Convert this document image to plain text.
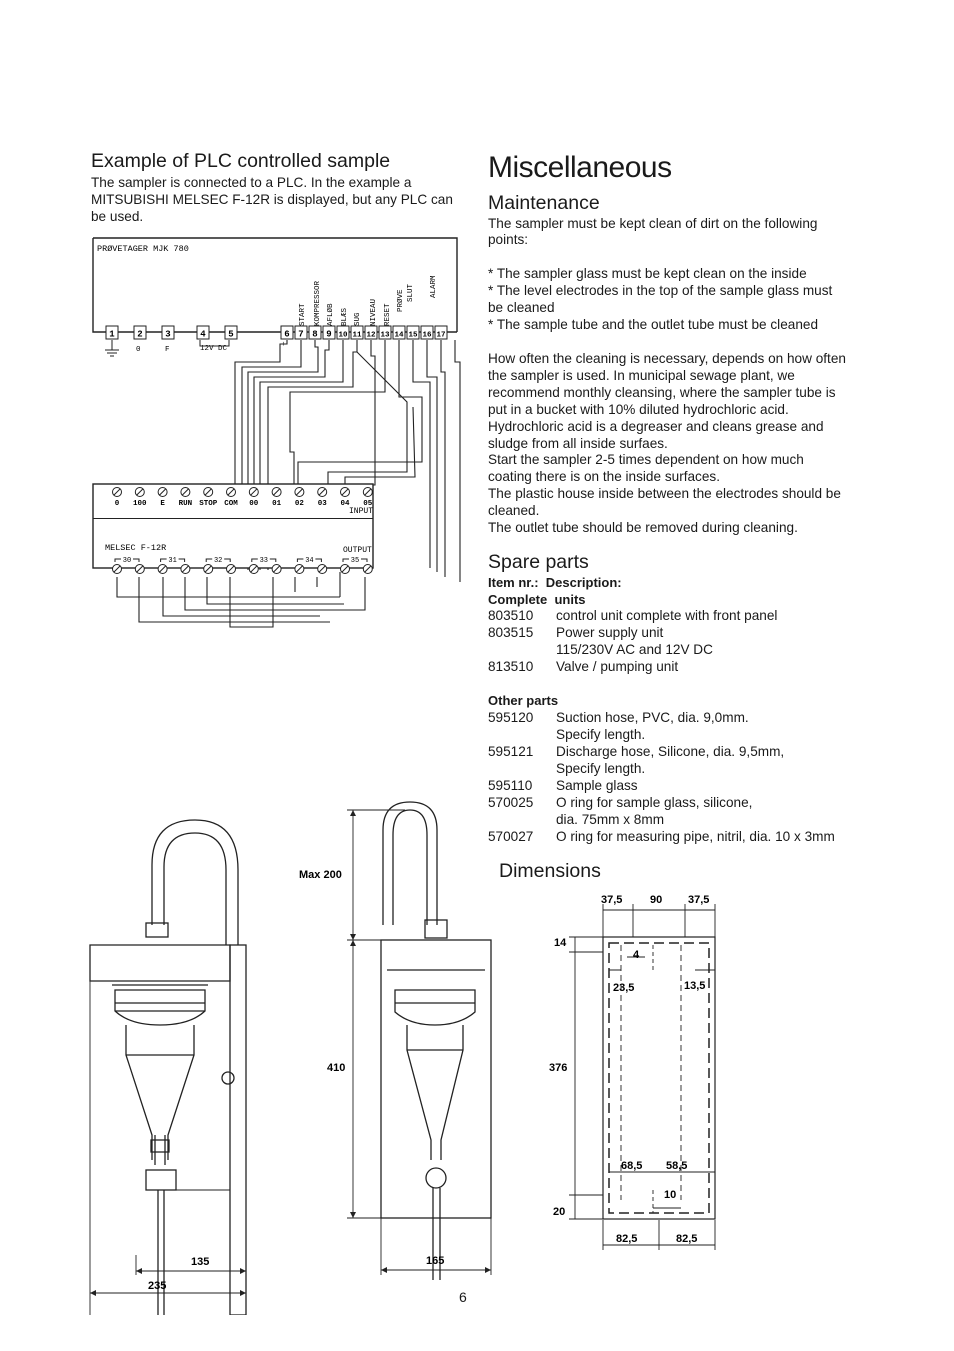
Example of PLC controlled sample
The sampler is connected to a PLC. In the example a
MITSUBISHI MELSEC F-12R is displayed, but any PLC can
be used.
PRØVETAGER MJK 780
START KOMPRESSOR AFLØB BLÆS SUG NIVEAU RESET
PRØVE SLUT ALARM
1	2	3	4	5	6 7 8 9 10 11 12 13 14 15 16 17
0	F	12V DC	+
0 100 E RUN STOP COM 00 01 02 03 04 05
INPUT
MELSEC F-12R	OUTPUT
30	31	32	33	34	35
Miscellaneous
Maintenance
The sampler must be kept clean of dirt on the following
points:
* The sampler glass must be kept clean on the inside
* The level electrodes in the top of the sample glass must
be cleaned
* The sample tube and the outlet tube must be cleaned
How often the cleaning is necessary, depends on how often
the sampler is used. In municipal sewage plant, we
recommend monthly cleansing, where the sampler tube is
put in a bucket with 10% diluted hydrochloric acid.
Hydrochloric acid is a degreaser and cleans grease and
sludge from all inside surfaes.
Start the sampler 2-5 times dependent on how much
coating there is on the inside surfaces.
The plastic house inside between the electrodes should be
cleaned.
The outlet tube should be removed during cleaning.
Spare parts
Item nr.:  Description:
Complete  units
803510 control unit complete with front panel
803515 Power supply unit
115/230V AC and 12V DC
813510 Valve / pumping unit
Other parts
595120 Suction hose, PVC, dia. 9,0mm.
Specify length.
595121 Discharge hose, Silicone, dia. 9,5mm,
Specify length.
595110 Sample glass
570025 O ring for sample glass, silicone,
dia. 75mm x 8mm
570027 O ring for measuring pipe, nitril, dia. 10 x 3mm
Dimensions
135
235
Max 200
410
165
37,5	90 37,5
14
376
20
4
23,5	13,5
68,5 58,5
10
82,5	82,5
6
